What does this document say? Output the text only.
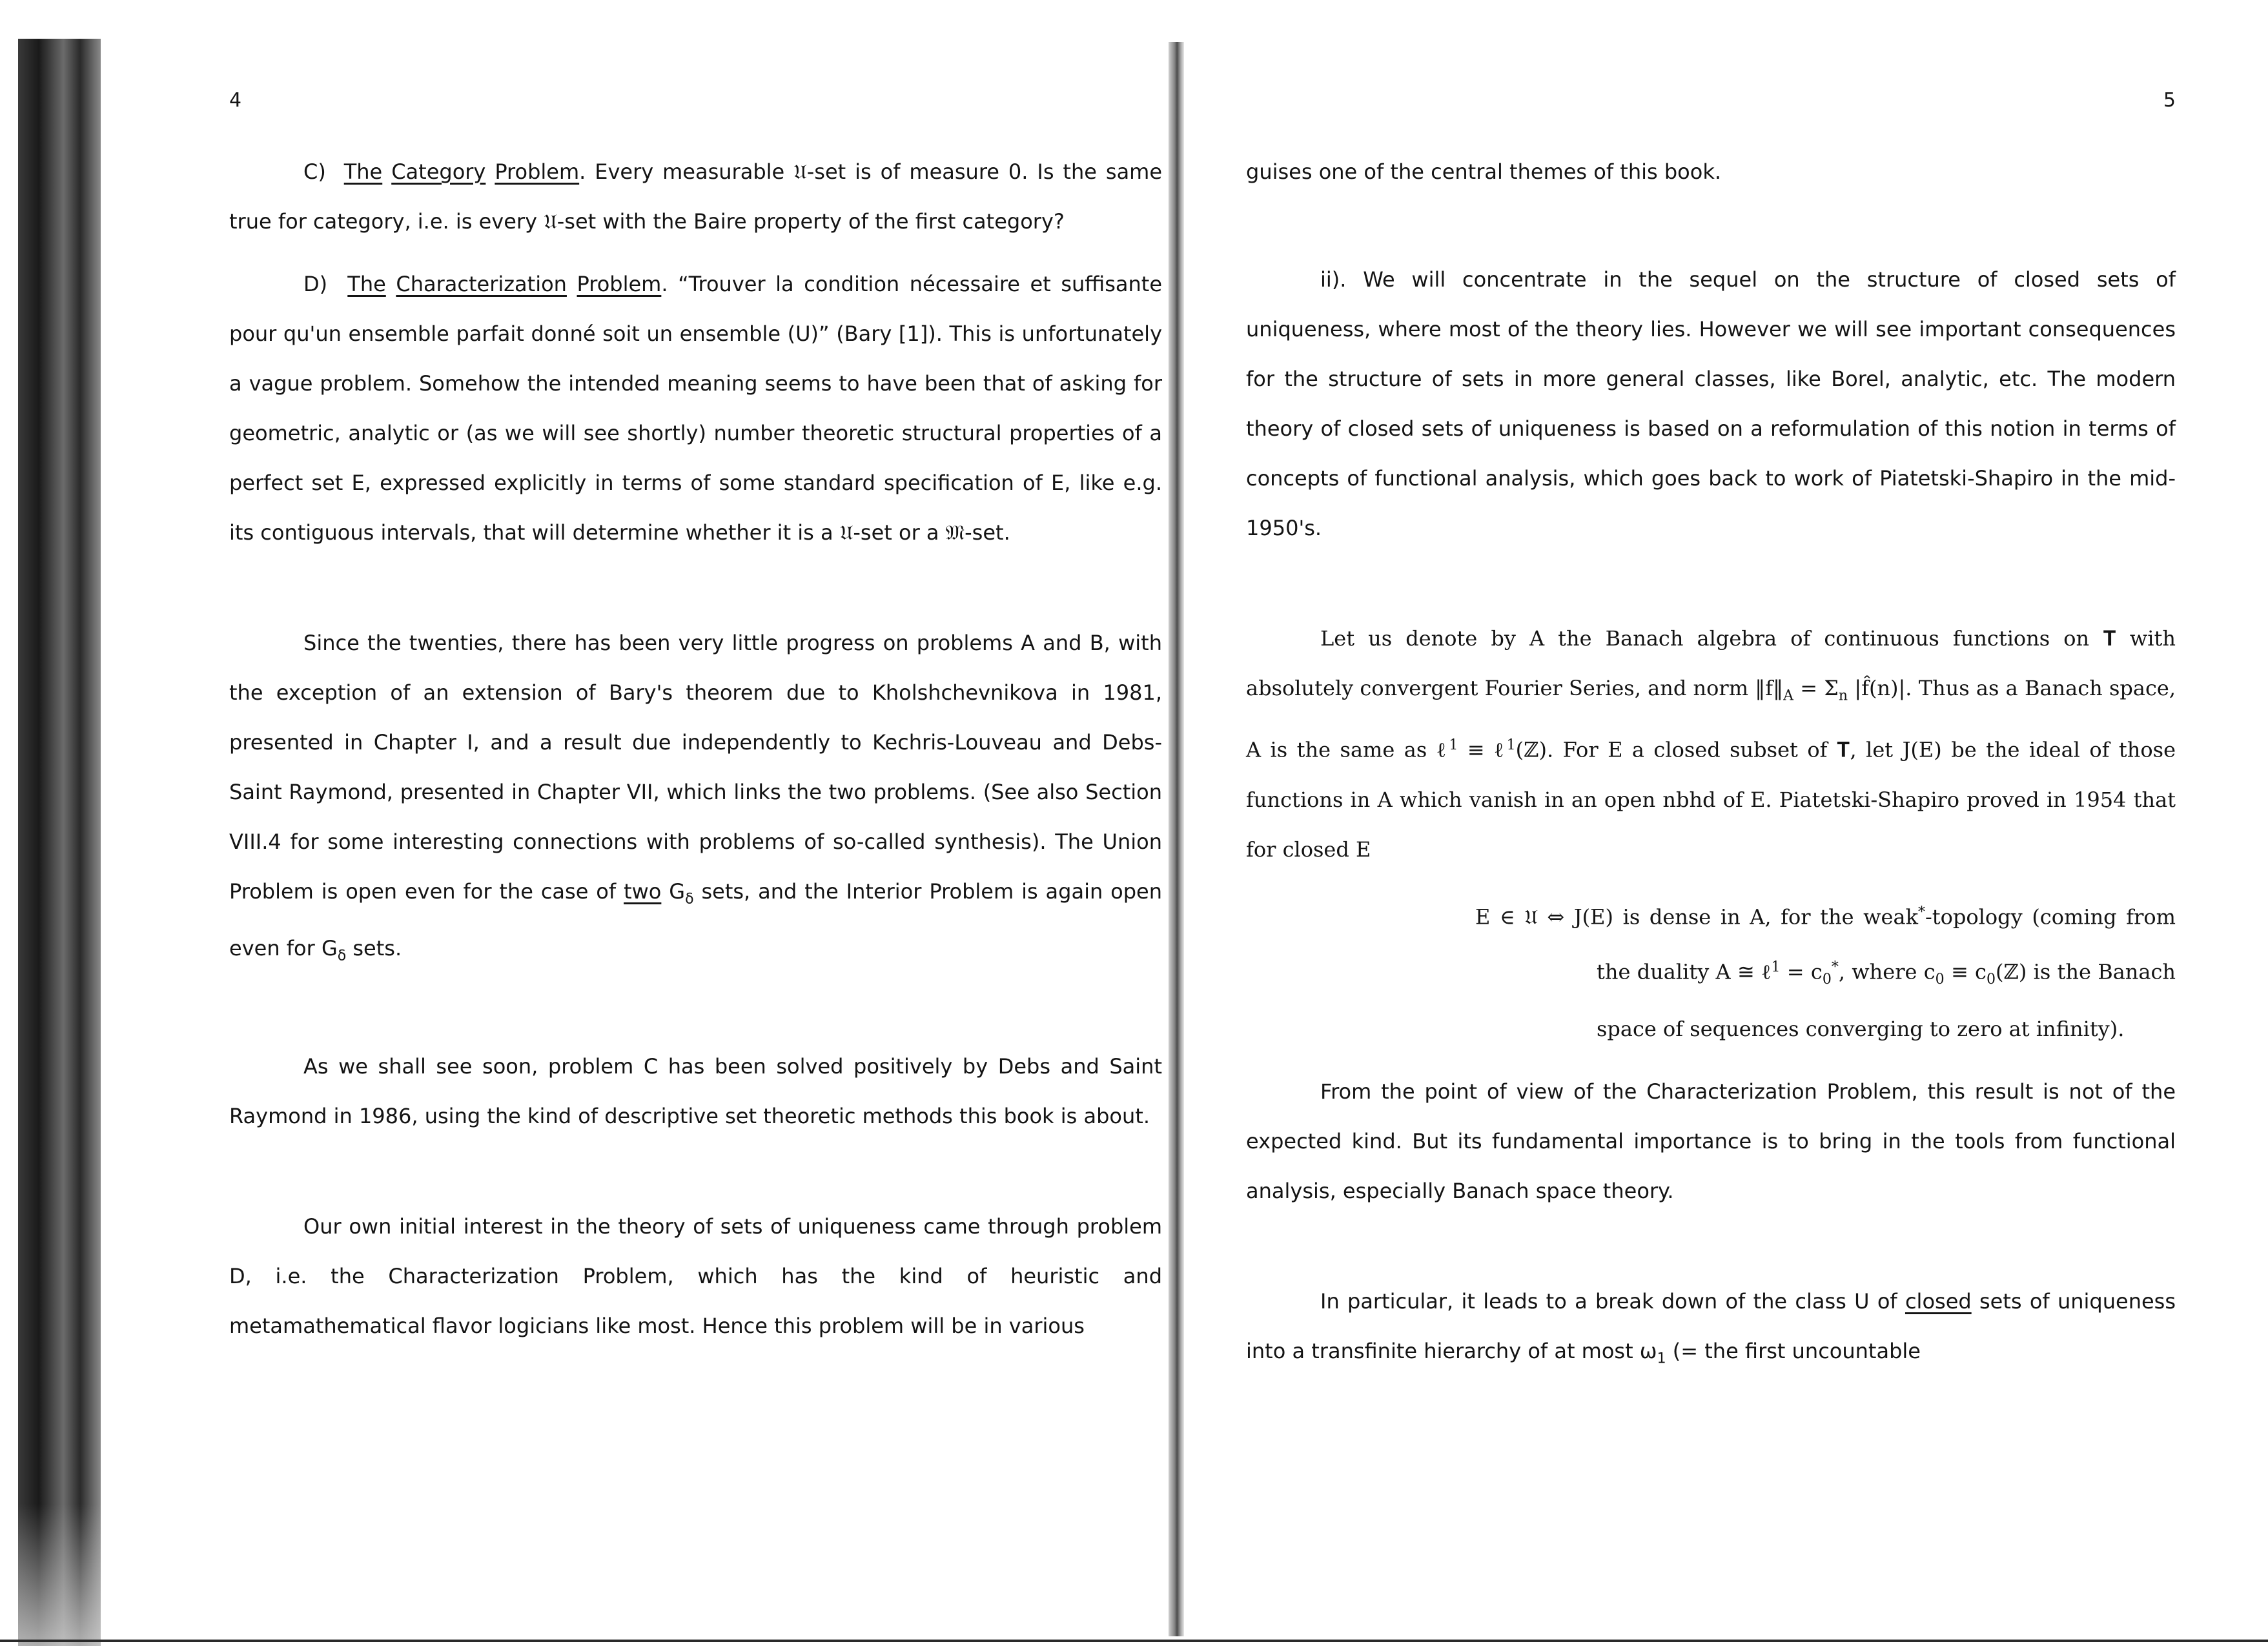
4

C) The Category Problem. Every measurable 𝔘-set is of measure 0. Is the same true for category, i.e. is every 𝔘-set with the Baire property of the first category?

D) The Characterization Problem. “Trouver la condition nécessaire et suffisante pour qu'un ensemble parfait donné soit un ensemble (U)” (Bary [1]). This is unfortunately a vague problem. Somehow the intended meaning seems to have been that of asking for geometric, analytic or (as we will see shortly) number theoretic structural properties of a perfect set E, expressed explicitly in terms of some standard specification of E, like e.g. its contiguous intervals, that will determine whether it is a 𝔘-set or a 𝔐-set.

Since the twenties, there has been very little progress on problems A and B, with the exception of an extension of Bary's theorem due to Kholshchevnikova in 1981, presented in Chapter I, and a result due independently to Kechris-Louveau and Debs-Saint Raymond, presented in Chapter VII, which links the two problems. (See also Section VIII.4 for some interesting connections with problems of so-called synthesis). The Union Problem is open even for the case of two $G_\delta$ sets, and the Interior Problem is again open even for $G_\delta$ sets.

As we shall see soon, problem C has been solved positively by Debs and Saint Raymond in 1986, using the kind of descriptive set theoretic methods this book is about.

Our own initial interest in the theory of sets of uniqueness came through problem D, i.e. the Characterization Problem, which has the kind of heuristic and metamathematical flavor logicians like most. Hence this problem will be in various

5

guises one of the central themes of this book.

ii). We will concentrate in the sequel on the structure of closed sets of uniqueness, where most of the theory lies. However we will see important consequences for the structure of sets in more general classes, like Borel, analytic, etc. The modern theory of closed sets of uniqueness is based on a reformulation of this notion in terms of concepts of functional analysis, which goes back to work of Piatetski-Shapiro in the mid-1950's.

Let us denote by A the Banach algebra of continuous functions on 𝐓 with absolutely convergent Fourier Series, and norm $‖f‖_A = \Sigma_n$ |f̂(n)|. Thus as a Banach space, A is the same as ℓ$^1$ ≡ ℓ$^1$(ℤ). For E a closed subset of 𝐓, let J(E) be the ideal of those functions in A which vanish in an open nbhd of E. Piatetski-Shapiro proved in 1954 that for closed E

E ∈ 𝔘 ⇔ J(E) is dense in A, for the weak*-topology (coming from the duality A ≅ ℓ$^1$ = $c_0^*$, where $c_0$ ≡ $c_0(ℤ)$ is the Banach space of sequences converging to zero at infinity).

From the point of view of the Characterization Problem, this result is not of the expected kind. But its fundamental importance is to bring in the tools from functional analysis, especially Banach space theory.

In particular, it leads to a break down of the class U of closed sets of uniqueness into a transfinite hierarchy of at most $\omega_1$ (= the first uncountable
